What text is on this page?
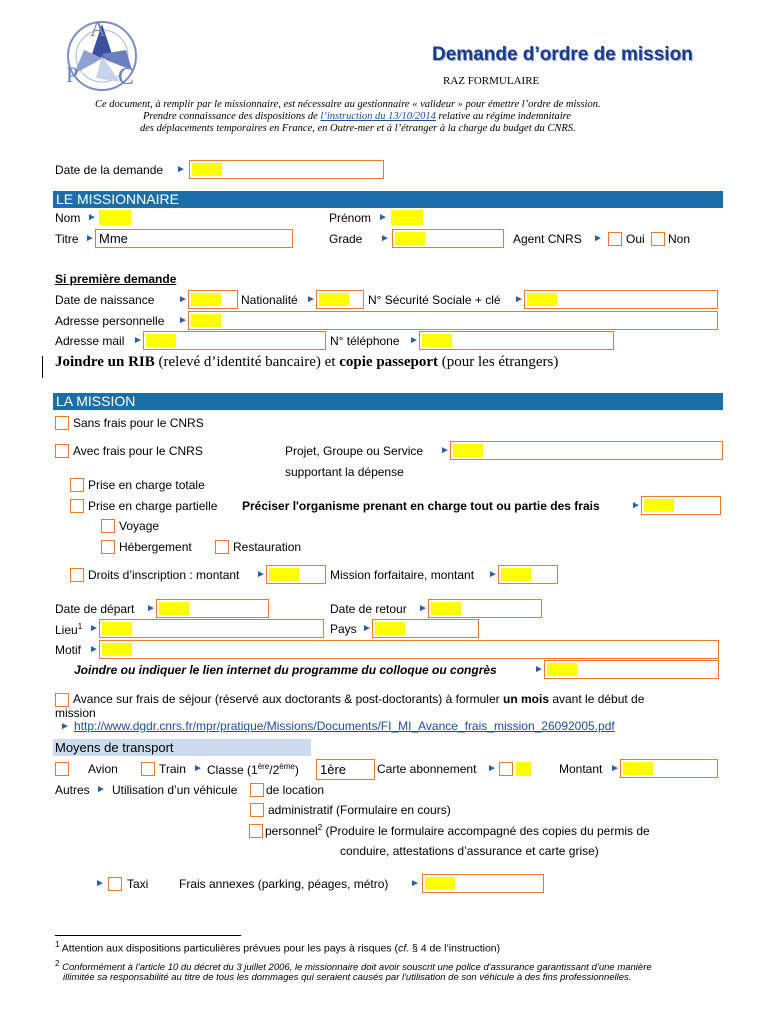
A
P C
Demande d’ordre de mission
RAZ FORMULAIRE
Ce document, à remplir par le missionnaire, est nécessaire au gestionnaire « valideur » pour émettre l’ordre de mission.
Prendre connaissance des dispositions de l’instruction du 13/10/2014 relative au régime indemnitaire
des déplacements temporaires en France, en Outre-mer et à l’étranger à la charge du budget du CNRS.
Date de la demande ►
LE MISSIONNAIRE
Nom ►	Prénom ►
Titre ► Mme	Grade ►	Agent CNRS ► Oui Non
Si première demande
Date de naissance ►	Nationalité ►	N° Sécurité Sociale + clé ►
Adresse personnelle ►
Adresse mail ►	N° téléphone ►
Joindre un RIB (relevé d’identité bancaire) et copie passeport (pour les étrangers)
LA MISSION
Sans frais pour le CNRS
Avec frais pour le CNRS	Projet, Groupe ou Service ►
supportant la dépense
Prise en charge totale
Prise en charge partielle Préciser l'organisme prenant en charge tout ou partie des frais	►
Voyage
Hébergement	Restauration
Droits d’inscription : montant ►	Mission forfaitaire, montant ►
Date de départ ►	Date de retour ►
Lieu$^1$ ►	Pays ►
Motif ►
Joindre ou indiquer le lien internet du programme du colloque ou congrès	►
Avance sur frais de séjour (réservé aux doctorants & post-doctorants) à formuler un mois avant le début de
mission
► http://www.dgdr.cnrs.fr/mpr/pratique/Missions/Documents/FI_MI_Avance_frais_mission_26092005.pdf
Moyens de transport
Avion	Train ► Classe (1ère/2ème) 1ère	Carte abonnement ►	Montant ►
Autres ► Utilisation d’un véhicule de location
administratif (Formulaire en cours)
personnel$^2$ (Produire le formulaire accompagné des copies du permis de
conduire, attestations d’assurance et carte grise)
► Taxi	Frais annexes (parking, péages, métro) ►
$^1$ Attention aux dispositions particulières prévues pour les pays à risques (cf. § 4 de l’instruction)
$^2$ Conformément à l’article 10 du décret du 3 juillet 2006, le missionnaire doit avoir souscrit une police d'assurance garantissant d’une manière
illimitée sa responsabilité au titre de tous les dommages qui seraient causés par l'utilisation de son véhicule à des fins professionnelles.
